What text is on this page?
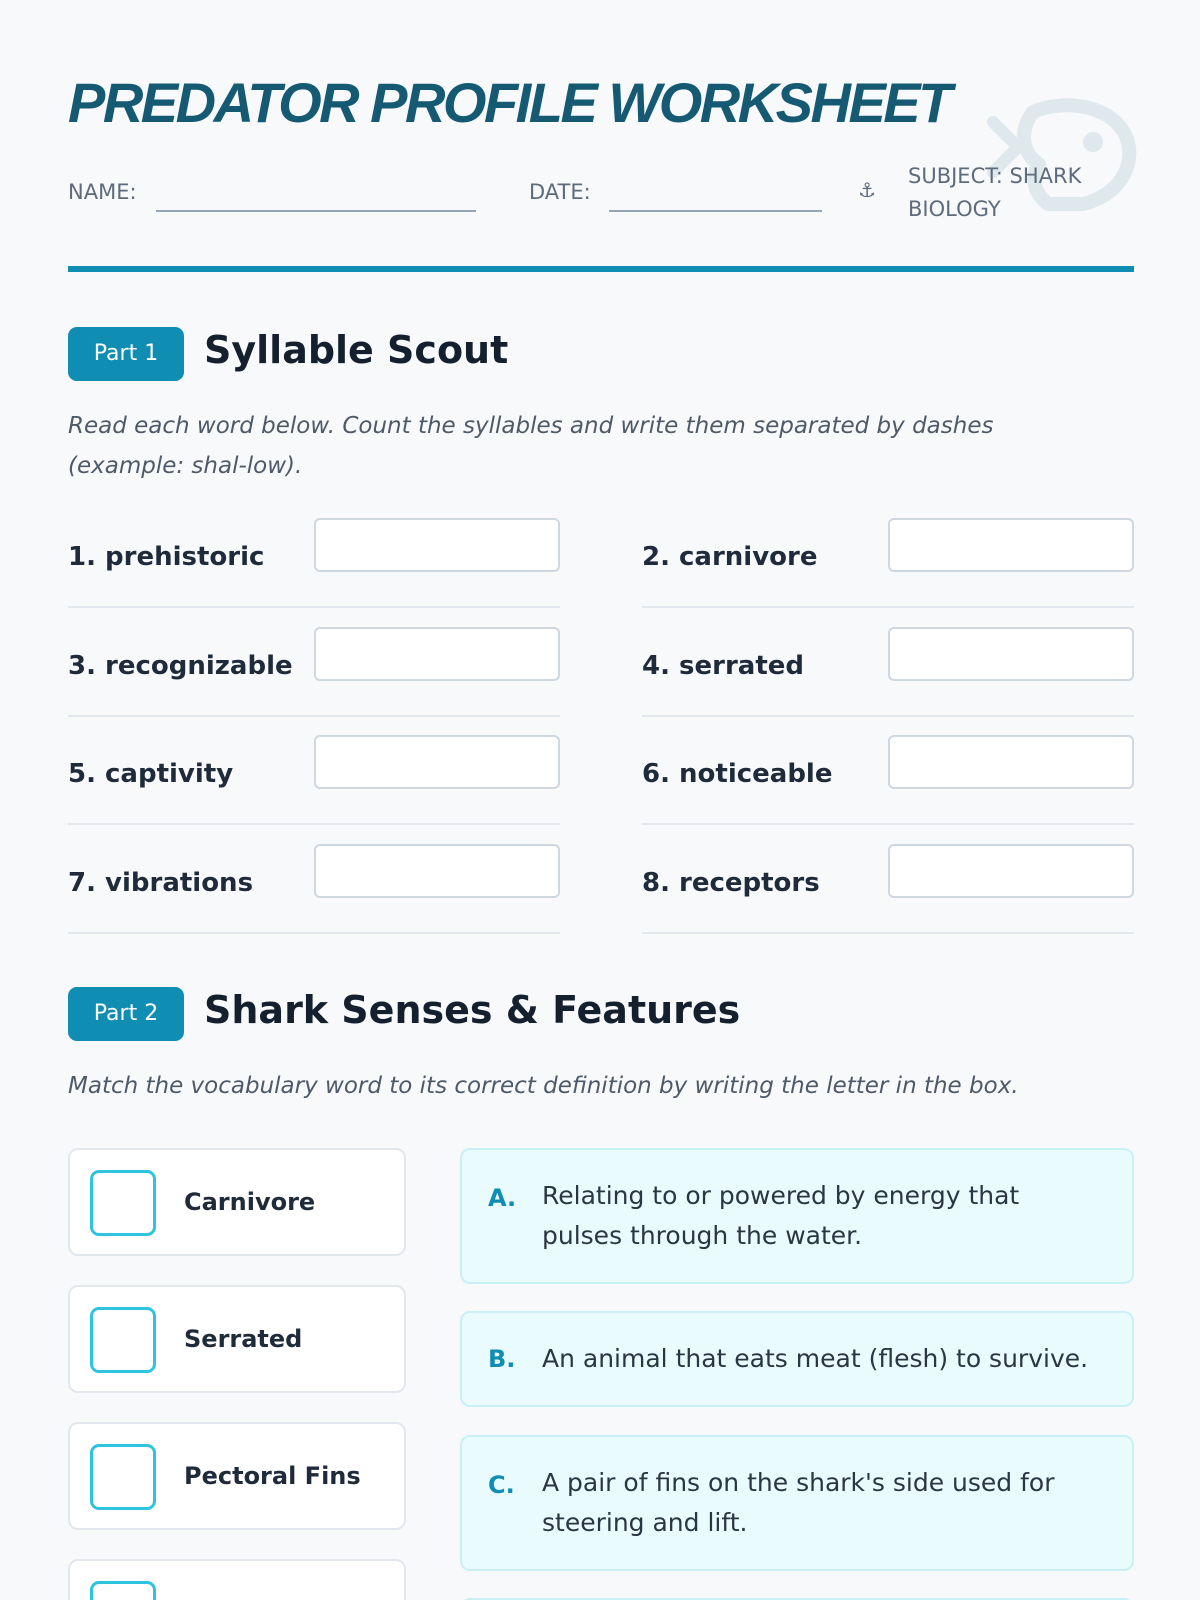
PREDATOR PROFILE WORKSHEET
NAME:	DATE:	⚓
SUBJECT: SHARK BIOLOGY
Part 1	Syllable Scout
Read each word below. Count the syllables and write them separated by dashes (example: shal-low).
1. prehistoric	2. carnivore
3. recognizable	4. serrated
5. captivity	6. noticeable
7. vibrations	8. receptors
Part 2	Shark Senses & Features
Match the vocabulary word to its correct definition by writing the letter in the box.
Carnivore
Serrated
Pectoral Fins
A. Relating to or powered by energy that pulses through the water.
B. An animal that eats meat (flesh) to survive.
C. A pair of fins on the shark's side used for steering and lift.
